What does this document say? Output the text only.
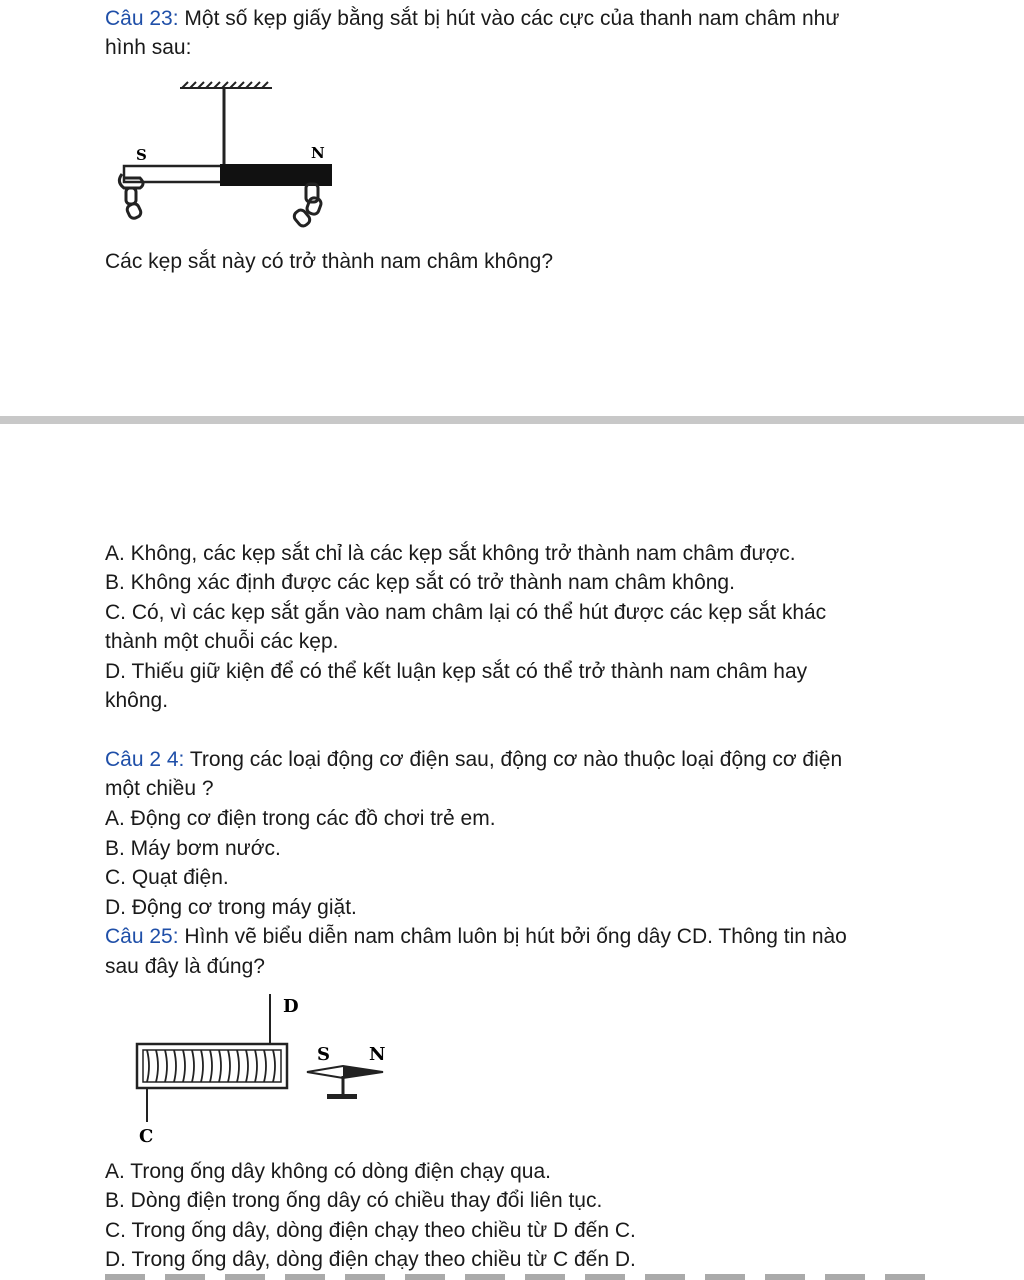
Câu 23: Một số kẹp giấy bằng sắt bị hút vào các cực của thanh nam châm như
hình sau:
S	N
Các kẹp sắt này có trở thành nam châm không?
A. Không, các kẹp sắt chỉ là các kẹp sắt không trở thành nam châm được.
B. Không xác định được các kẹp sắt có trở thành nam châm không.
C. Có, vì các kẹp sắt gắn vào nam châm lại có thể hút được các kẹp sắt khác
thành một chuỗi các kẹp.
D. Thiếu giữ kiện để có thể kết luận kẹp sắt có thể trở thành nam châm hay
không.
Câu 2 4: Trong các loại động cơ điện sau, động cơ nào thuộc loại động cơ điện
một chiều ?
A. Động cơ điện trong các đồ chơi trẻ em.
B. Máy bơm nước.
C. Quạt điện.
D. Động cơ trong máy giặt.
Câu 25: Hình vẽ biểu diễn nam châm luôn bị hút bởi ống dây CD. Thông tin nào
sau đây là đúng?
D
C
S N
A. Trong ống dây không có dòng điện chạy qua.
B. Dòng điện trong ống dây có chiều thay đổi liên tục.
C. Trong ống dây, dòng điện chạy theo chiều từ D đến C.
D. Trong ống dây, dòng điện chạy theo chiều từ C đến D.
